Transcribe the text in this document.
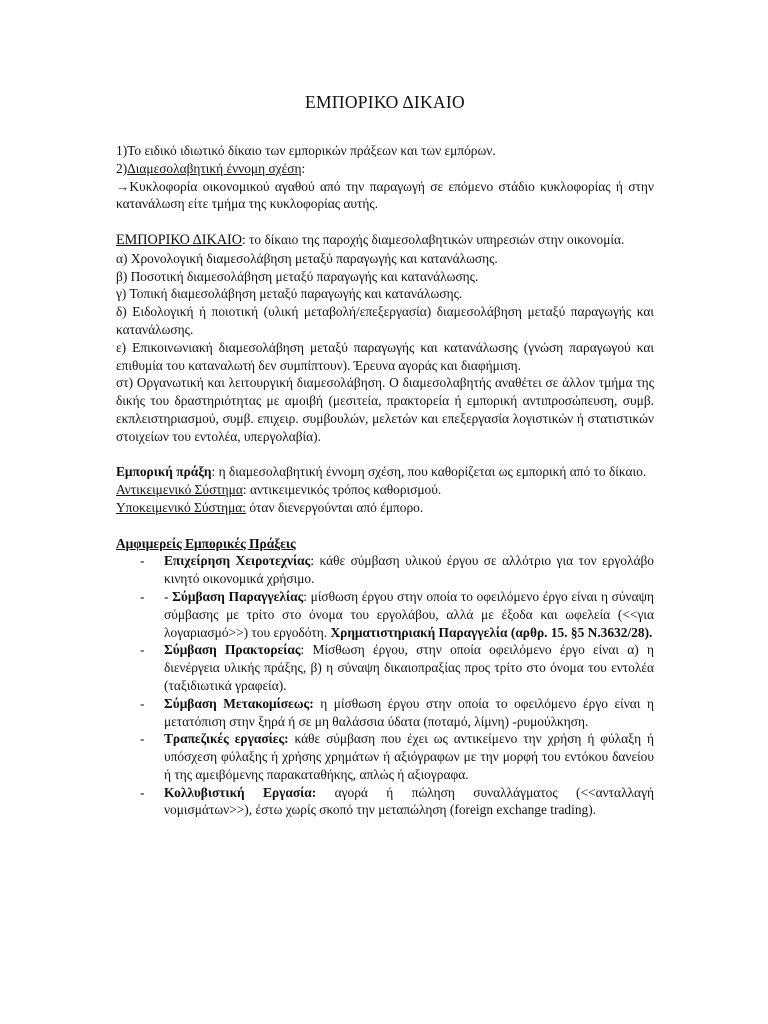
ΕΜΠΟΡΙΚΟ ΔΙΚΑΙΟ

1)Το ειδικό ιδιωτικό δίκαιο των εμπορικών πράξεων και των εμπόρων.

2)Διαμεσολαβητική έννομη σχέση:

→Κυκλοφορία οικονομικού αγαθού από την παραγωγή σε επόμενο στάδιο κυκλοφορίας ή στην κατανάλωση είτε τμήμα της κυκλοφορίας αυτής.

ΕΜΠΟΡΙΚΟ ΔΙΚΑΙΟ: το δίκαιο της παροχής διαμεσολαβητικών υπηρεσιών στην οικονομία.

α) Χρονολογική διαμεσολάβηση μεταξύ παραγωγής και κατανάλωσης.

β) Ποσοτική διαμεσολάβηση μεταξύ παραγωγής και κατανάλωσης.

γ) Τοπική διαμεσολάβηση μεταξύ παραγωγής και κατανάλωσης.

δ) Ειδολογική ή ποιοτική (υλική μεταβολή/επεξεργασία) διαμεσολάβηση μεταξύ παραγωγής και κατανάλωσης.

ε) Επικοινωνιακή διαμεσολάβηση μεταξύ παραγωγής και κατανάλωσης (γνώση παραγωγού και επιθυμία του καταναλωτή δεν συμπίπτουν). Έρευνα αγοράς και διαφήμιση.

στ) Οργανωτική και λειτουργική διαμεσολάβηση. Ο διαμεσολαβητής αναθέτει σε άλλον τμήμα της δικής του δραστηριότητας με αμοιβή (μεσιτεία, πρακτορεία ή εμπορική αντιπροσώπευση, συμβ. εκπλειστηριασμού, συμβ. επιχειρ. συμβουλών, μελετών και επεξεργασία λογιστικών ή στατιστικών στοιχείων του εντολέα, υπεργολαβία).

Εμπορική πράξη: η διαμεσολαβητική έννομη σχέση, που καθορίζεται ως εμπορική από το δίκαιο.

Αντικειμενικό Σύστημα: αντικειμενικός τρόπος καθορισμού.

Υποκειμενικό Σύστημα: όταν διενεργούνται από έμπορο.

Αμφιμερείς Εμπορικές Πράξεις

- Επιχείρηση Χειροτεχνίας: κάθε σύμβαση υλικού έργου σε αλλότριο για τον εργολάβο κινητό οικονομικά χρήσιμο.
- - Σύμβαση Παραγγελίας: μίσθωση έργου στην οποία το οφειλόμενο έργο είναι η σύναψη σύμβασης με τρίτο στο όνομα του εργολάβου, αλλά με έξοδα και ωφελεία (<<για λογαριασμό>>) του εργοδότη. Χρηματιστηριακή Παραγγελία (αρθρ. 15. §5 Ν.3632/28).
- Σύμβαση Πρακτορείας: Μίσθωση έργου, στην οποία οφειλόμενο έργο είναι α) η διενέργεια υλικής πράξης, β) η σύναψη δικαιοπραξίας προς τρίτο στο όνομα του εντολέα (ταξιδιωτικά γραφεία).
- Σύμβαση Μετακομίσεως: η μίσθωση έργου στην οποία το οφειλόμενο έργο είναι η μετατόπιση στην ξηρά ή σε μη θαλάσσια ύδατα (ποταμό, λίμνη) -ρυμούλκηση.
- Τραπεζικές εργασίες: κάθε σύμβαση που έχει ως αντικείμενο την χρήση ή φύλαξη ή υπόσχεση φύλαξης ή χρήσης χρημάτων ή αξιόγραφων με την μορφή του εντόκου δανείου ή της αμειβόμενης παρακαταθήκης, απλώς ή αξιογραφα.
- Κολλυβιστική Εργασία: αγορά ή πώληση συναλλάγματος (<<ανταλλαγή νομισμάτων>>), έστω χωρίς σκοπό την μεταπώληση (foreign exchange trading).
